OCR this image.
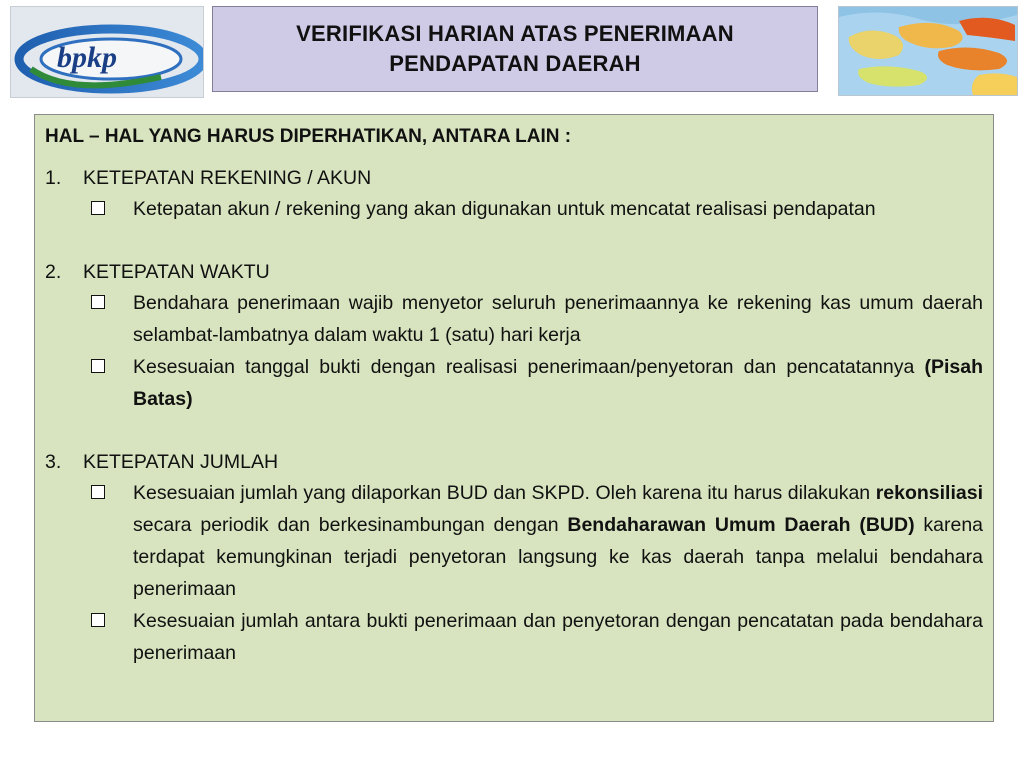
bpkp
VERIFIKASI HARIAN ATAS PENERIMAAN
PENDAPATAN DAERAH
HAL – HAL YANG HARUS DIPERHATIKAN, ANTARA LAIN :
1.	KETEPATAN REKENING / AKUN
Ketepatan akun / rekening yang akan digunakan untuk mencatat realisasi pendapatan
2.	KETEPATAN WAKTU
Bendahara penerimaan wajib menyetor seluruh penerimaannya ke rekening kas umum daerah selambat-lambatnya dalam waktu 1 (satu) hari kerja
Kesesuaian tanggal bukti dengan realisasi penerimaan/penyetoran dan pencatatannya (Pisah Batas)
3.	KETEPATAN JUMLAH
Kesesuaian jumlah yang dilaporkan BUD dan SKPD. Oleh karena itu harus dilakukan rekonsiliasi secara periodik dan berkesinambungan dengan Bendaharawan Umum Daerah (BUD) karena terdapat kemungkinan terjadi penyetoran langsung ke kas daerah tanpa melalui bendahara penerimaan
Kesesuaian jumlah antara bukti penerimaan dan penyetoran dengan pencatatan pada bendahara penerimaan
